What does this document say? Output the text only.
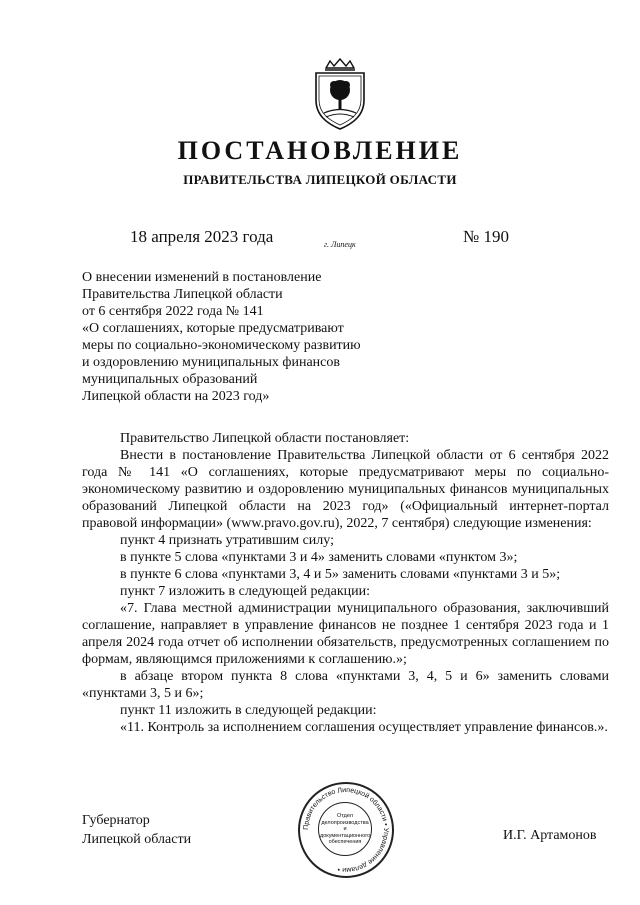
ПОСТАНОВЛЕНИЕ
ПРАВИТЕЛЬСТВА ЛИПЕЦКОЙ ОБЛАСТИ
18 апреля 2023 года	г. Липецк	№ 190
О внесении изменений в постановление
Правительства Липецкой области
от 6 сентября 2022 года № 141
«О соглашениях, которые предусматривают
меры по социально-экономическому развитию
и оздоровлению муниципальных финансов
муниципальных образований
Липецкой области на 2023 год»

Правительство Липецкой области постановляет:

Внести в постановление Правительства Липецкой области от 6 сентября 2022 года № 141 «О соглашениях, которые предусматривают меры по социально-экономическому развитию и оздоровлению муниципальных финансов муниципальных образований Липецкой области на 2023 год» («Официальный интернет-портал правовой информации» (www.pravo.gov.ru), 2022, 7 сентября) следующие изменения:

пункт 4 признать утратившим силу;

в пункте 5 слова «пунктами 3 и 4» заменить словами «пунктом 3»;

в пункте 6 слова «пунктами 3, 4 и 5» заменить словами «пунктами 3 и 5»;

пункт 7 изложить в следующей редакции:

«7. Глава местной администрации муниципального образования, заключивший соглашение, направляет в управление финансов не позднее 1 сентября 2023 года и 1 апреля 2024 года отчет об исполнении обязательств, предусмотренных соглашением по формам, являющимся приложениями к соглашению.»;

в абзаце втором пункта 8 слова «пунктами 3, 4, 5 и 6» заменить словами «пунктами 3, 5 и 6»;

пункт 11 изложить в следующей редакции:

«11. Контроль за исполнением соглашения осуществляет управление финансов.».

Губернатор
Липецкой области
Правительство Липецкой области • Управление делами •
Отдел
делопроизводства и
документационного
обеспечения	И.Г. Артамонов
